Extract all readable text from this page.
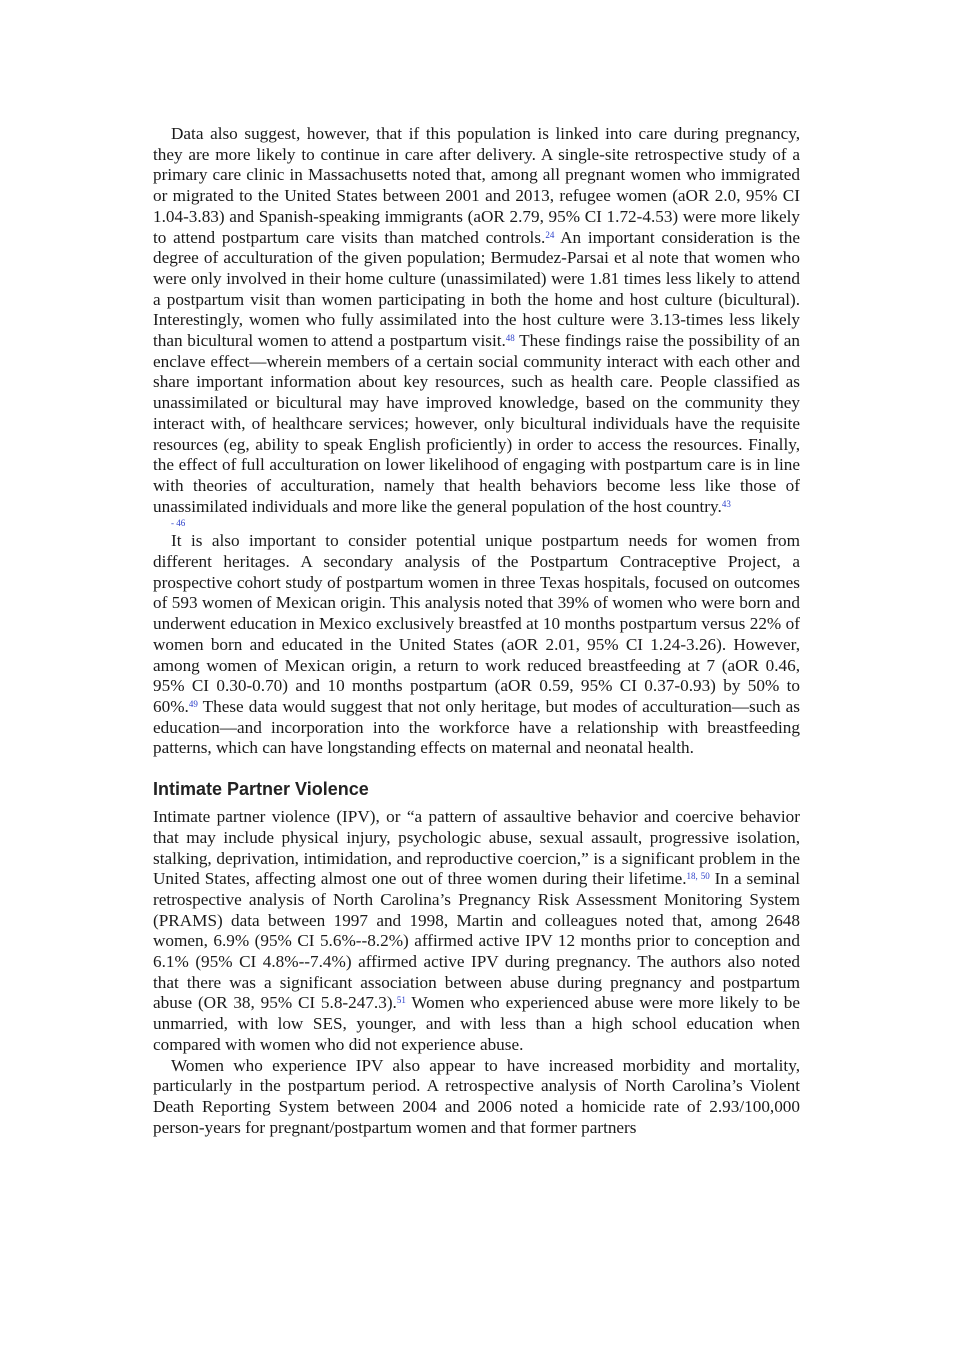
Data also suggest, however, that if this population is linked into care during pregnancy, they are more likely to continue in care after delivery. A single-site retrospective study of a primary care clinic in Massachusetts noted that, among all pregnant women who immigrated or migrated to the United States between 2001 and 2013, refugee women (aOR 2.0, 95% CI 1.04-3.83) and Spanish-speaking immigrants (aOR 2.79, 95% CI 1.72-4.53) were more likely to attend postpartum care visits than matched controls.$^{24}$ An important consideration is the degree of acculturation of the given population; Bermudez-Parsai et al note that women who were only involved in their home culture (unassimilated) were 1.81 times less likely to attend a postpartum visit than women participating in both the home and host culture (bicultural). Interestingly, women who fully assimilated into the host culture were 3.13-times less likely than bicultural women to attend a postpartum visit.$^{48}$ These findings raise the possibility of an enclave effect—wherein members of a certain social community interact with each other and share important information about key resources, such as health care. People classified as unassimilated or bicultural may have improved knowledge, based on the community they interact with, of healthcare services; however, only bicultural individuals have the requisite resources (eg, ability to speak English proficiently) in order to access the resources. Finally, the effect of full acculturation on lower likelihood of engaging with postpartum care is in line with theories of acculturation, namely that health behaviors become less like those of unassimilated individuals and more like the general population of the host country.$^{43}$
- 46

It is also important to consider potential unique postpartum needs for women from different heritages. A secondary analysis of the Postpartum Contraceptive Project, a prospective cohort study of postpartum women in three Texas hospitals, focused on outcomes of 593 women of Mexican origin. This analysis noted that 39% of women who were born and underwent education in Mexico exclusively breastfed at 10 months postpartum versus 22% of women born and educated in the United States (aOR 2.01, 95% CI 1.24-3.26). However, among women of Mexican origin, a return to work reduced breastfeeding at 7 (aOR 0.46, 95% CI 0.30-0.70) and 10 months postpartum (aOR 0.59, 95% CI 0.37-0.93) by 50% to 60%.$^{49}$ These data would suggest that not only heritage, but modes of acculturation—such as education—and incorporation into the workforce have a relationship with breastfeeding patterns, which can have longstanding effects on maternal and neonatal health.

Intimate Partner Violence

Intimate partner violence (IPV), or “a pattern of assaultive behavior and coercive behavior that may include physical injury, psychologic abuse, sexual assault, progressive isolation, stalking, deprivation, intimidation, and reproductive coercion,” is a significant problem in the United States, affecting almost one out of three women during their lifetime.$^{18, 50}$ In a seminal retrospective analysis of North Carolina’s Pregnancy Risk Assessment Monitoring System (PRAMS) data between 1997 and 1998, Martin and colleagues noted that, among 2648 women, 6.9% (95% CI 5.6%--8.2%) affirmed active IPV 12 months prior to conception and 6.1% (95% CI 4.8%--7.4%) affirmed active IPV during pregnancy. The authors also noted that there was a significant association between abuse during pregnancy and postpartum abuse (OR 38, 95% CI 5.8-247.3).$^{51}$ Women who experienced abuse were more likely to be unmarried, with low SES, younger, and with less than a high school education when compared with women who did not experience abuse.

Women who experience IPV also appear to have increased morbidity and mortality, particularly in the postpartum period. A retrospective analysis of North Carolina’s Violent Death Reporting System between 2004 and 2006 noted a homicide rate of 2.93/100,000 person-years for pregnant/postpartum women and that former partners
